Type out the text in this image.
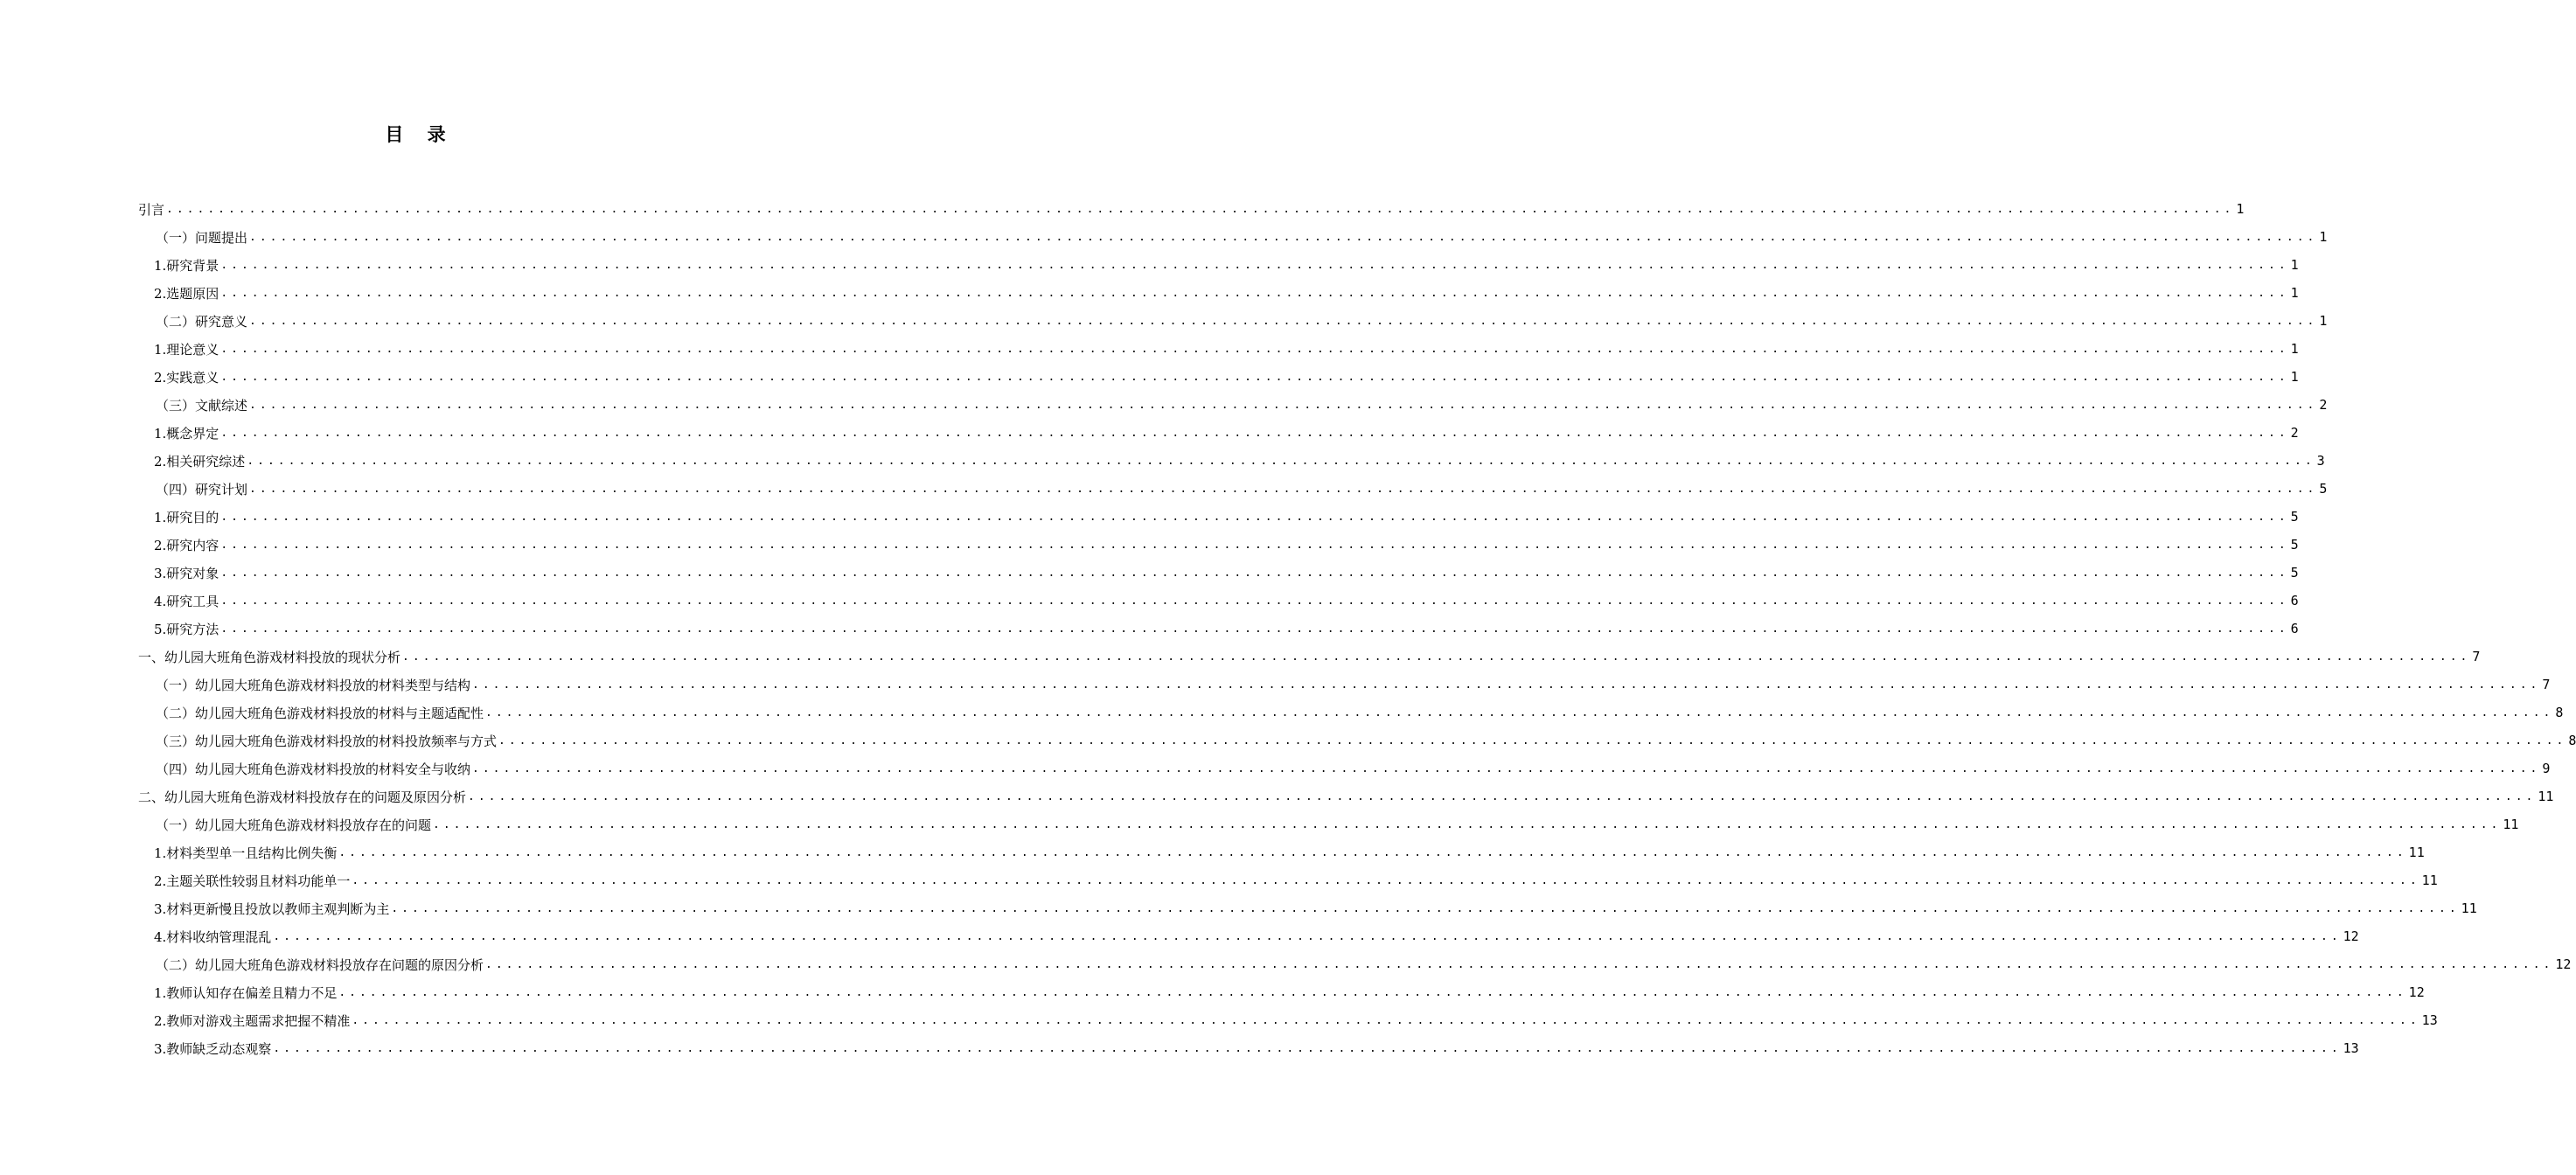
目 录
引言 ........................................................................................................................................................................................................ 1
（一）问题提出 ........................................................................................................................................................................................................ 1
1.研究背景 ........................................................................................................................................................................................................ 1
2.选题原因 ........................................................................................................................................................................................................ 1
（二）研究意义 ........................................................................................................................................................................................................ 1
1.理论意义 ........................................................................................................................................................................................................ 1
2.实践意义 ........................................................................................................................................................................................................ 1
（三）文献综述 ........................................................................................................................................................................................................ 2
1.概念界定 ........................................................................................................................................................................................................ 2
2.相关研究综述 ........................................................................................................................................................................................................ 3
（四）研究计划 ........................................................................................................................................................................................................ 5
1.研究目的 ........................................................................................................................................................................................................ 5
2.研究内容 ........................................................................................................................................................................................................ 5
3.研究对象 ........................................................................................................................................................................................................ 5
4.研究工具 ........................................................................................................................................................................................................ 6
5.研究方法 ........................................................................................................................................................................................................ 6
一、幼儿园大班角色游戏材料投放的现状分析 ........................................................................................................................................................................................................ 7
（一）幼儿园大班角色游戏材料投放的材料类型与结构 ........................................................................................................................................................................................................ 7
（二）幼儿园大班角色游戏材料投放的材料与主题适配性 ........................................................................................................................................................................................................ 8
（三）幼儿园大班角色游戏材料投放的材料投放频率与方式 ........................................................................................................................................................................................................ 8
（四）幼儿园大班角色游戏材料投放的材料安全与收纳 ........................................................................................................................................................................................................ 9
二、幼儿园大班角色游戏材料投放存在的问题及原因分析 ........................................................................................................................................................................................................ 11
（一）幼儿园大班角色游戏材料投放存在的问题 ........................................................................................................................................................................................................ 11
1.材料类型单一且结构比例失衡 ........................................................................................................................................................................................................ 11
2.主题关联性较弱且材料功能单一 ........................................................................................................................................................................................................ 11
3.材料更新慢且投放以教师主观判断为主 ........................................................................................................................................................................................................ 11
4.材料收纳管理混乱 ........................................................................................................................................................................................................ 12
（二）幼儿园大班角色游戏材料投放存在问题的原因分析 ........................................................................................................................................................................................................ 12
1.教师认知存在偏差且精力不足 ........................................................................................................................................................................................................ 12
2.教师对游戏主题需求把握不精准 ........................................................................................................................................................................................................ 13
3.教师缺乏动态观察 ........................................................................................................................................................................................................ 13
